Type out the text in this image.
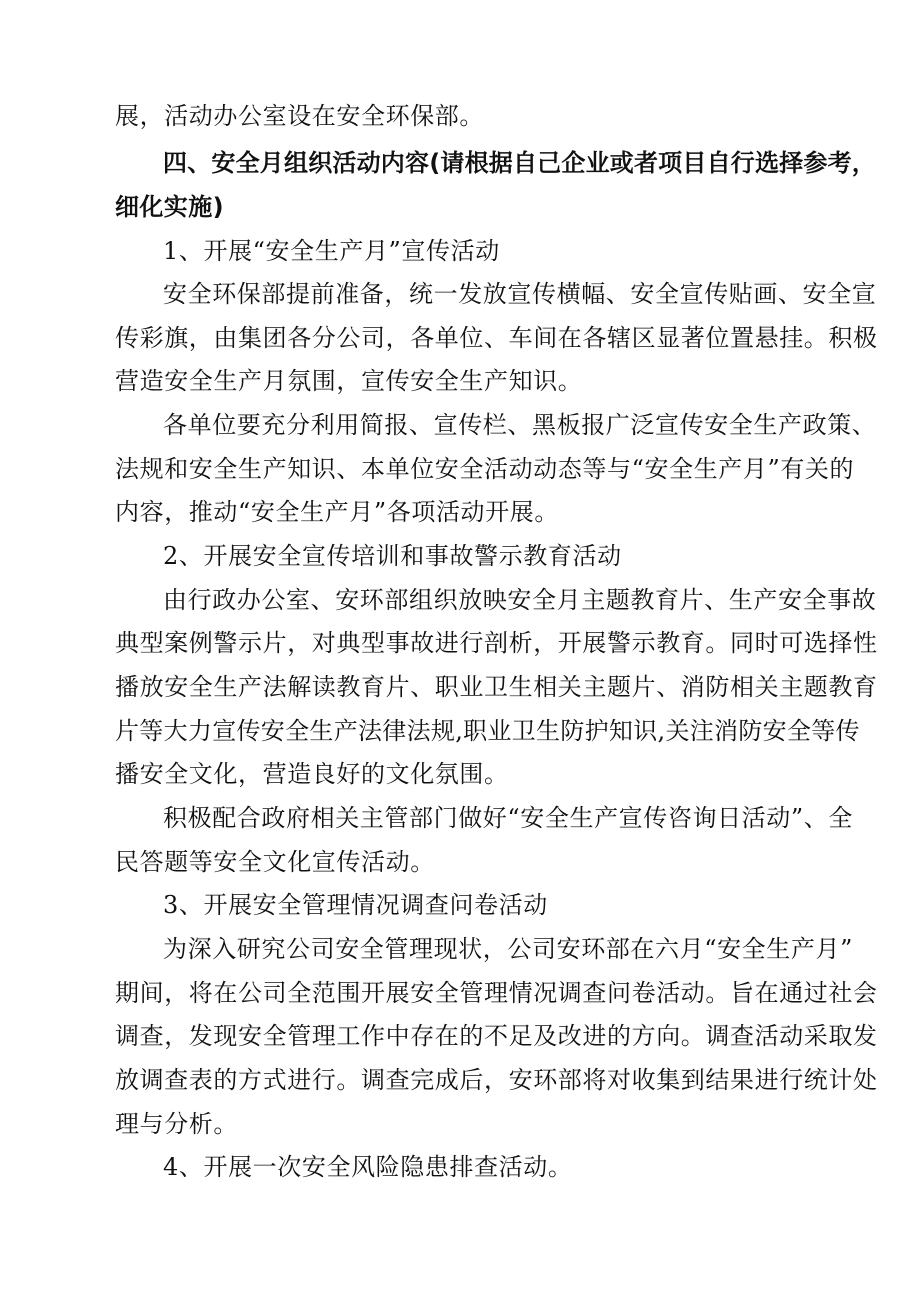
展，活动办公室设在安全环保部。
四、安全月组织活动内容(请根据自己企业或者项目自行选择参考，
细化实施)
1、开展“安全生产月”宣传活动
安全环保部提前准备，统一发放宣传横幅、安全宣传贴画、安全宣
传彩旗，由集团各分公司，各单位、车间在各辖区显著位置悬挂。积极
营造安全生产月氛围，宣传安全生产知识。
各单位要充分利用简报、宣传栏、黑板报广泛宣传安全生产政策、
法规和安全生产知识、本单位安全活动动态等与“安全生产月”有关的
内容，推动“安全生产月”各项活动开展。
2、开展安全宣传培训和事故警示教育活动
由行政办公室、安环部组织放映安全月主题教育片、生产安全事故
典型案例警示片，对典型事故进行剖析，开展警示教育。同时可选择性
播放安全生产法解读教育片、职业卫生相关主题片、消防相关主题教育
片等大力宣传安全生产法律法规,职业卫生防护知识,关注消防安全等传
播安全文化，营造良好的文化氛围。
积极配合政府相关主管部门做好“安全生产宣传咨询日活动”、全
民答题等安全文化宣传活动。
3、开展安全管理情况调查问卷活动
为深入研究公司安全管理现状，公司安环部在六月“安全生产月”
期间，将在公司全范围开展安全管理情况调查问卷活动。旨在通过社会
调查，发现安全管理工作中存在的不足及改进的方向。调查活动采取发
放调查表的方式进行。调查完成后，安环部将对收集到结果进行统计处
理与分析。
4、开展一次安全风险隐患排查活动。
